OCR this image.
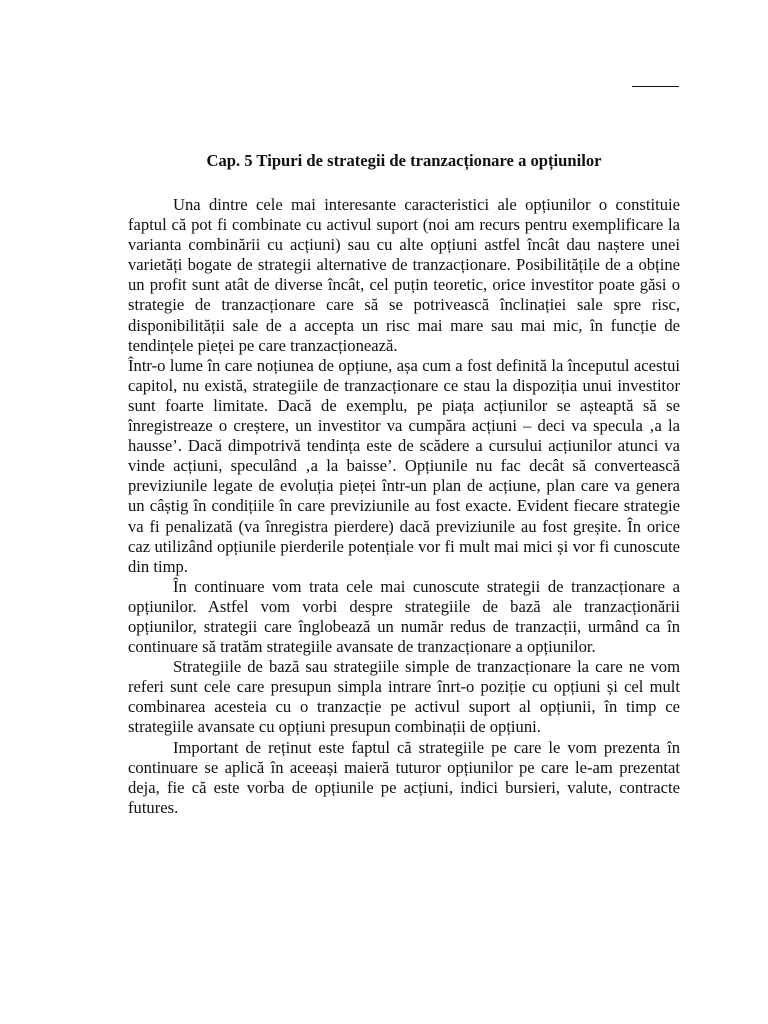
Cap. 5 Tipuri de strategii de tranzacționare a opțiunilor

Una dintre cele mai interesante caracteristici ale opțiunilor o constituie faptul că pot fi combinate cu activul suport (noi am recurs pentru exemplificare la varianta combinării cu acțiuni) sau cu alte opțiuni astfel încât dau naștere unei varietăți bogate de strategii alternative de tranzacționare. Posibilitățile de a obține un profit sunt atât de diverse încât, cel puțin teoretic, orice investitor poate găsi o strategie de tranzacționare care să se potrivească înclinației sale spre risc, disponibilității sale de a accepta un risc mai mare sau mai mic, în funcție de tendințele pieței pe care tranzacționează.

Într-o lume în care noțiunea de opțiune, așa cum a fost definită la începutul acestui capitol, nu există, strategiile de tranzacționare ce stau la dispoziția unui investitor sunt foarte limitate. Dacă de exemplu, pe piața acțiunilor se așteaptă să se înregistreaze o creștere, un investitor va cumpăra acțiuni – deci va specula ‚a la hausse’. Dacă dimpotrivă tendința este de scădere a cursului acțiunilor atunci va vinde acțiuni, speculând ‚a la baisse’. Opțiunile nu fac decât să convertească previziunile legate de evoluția pieței într-un plan de acțiune, plan care va genera un câștig în condițiile în care previziunile au fost exacte. Evident fiecare strategie va fi penalizată (va înregistra pierdere) dacă previziunile au fost greșite. În orice caz utilizând opțiunile pierderile potențiale vor fi mult mai mici și vor fi cunoscute din timp.

În continuare vom trata cele mai cunoscute strategii de tranzacționare a opțiunilor. Astfel vom vorbi despre strategiile de bază ale tranzacționării opțiunilor, strategii care înglobează un număr redus de tranzacții, urmând ca în continuare să tratăm strategiile avansate de tranzacționare a opțiunilor.

Strategiile de bază sau strategiile simple de tranzacționare la care ne vom referi sunt cele care presupun simpla intrare înrt-o poziție cu opțiuni și cel mult combinarea acesteia cu o tranzacție pe activul suport al opțiunii, în timp ce strategiile avansate cu opțiuni presupun combinații de opțiuni.

Important de reținut este faptul că strategiile pe care le vom prezenta în continuare se aplică în aceeași maieră tuturor opțiunilor pe care le-am prezentat deja, fie că este vorba de opțiunile pe acțiuni, indici bursieri, valute, contracte futures.
